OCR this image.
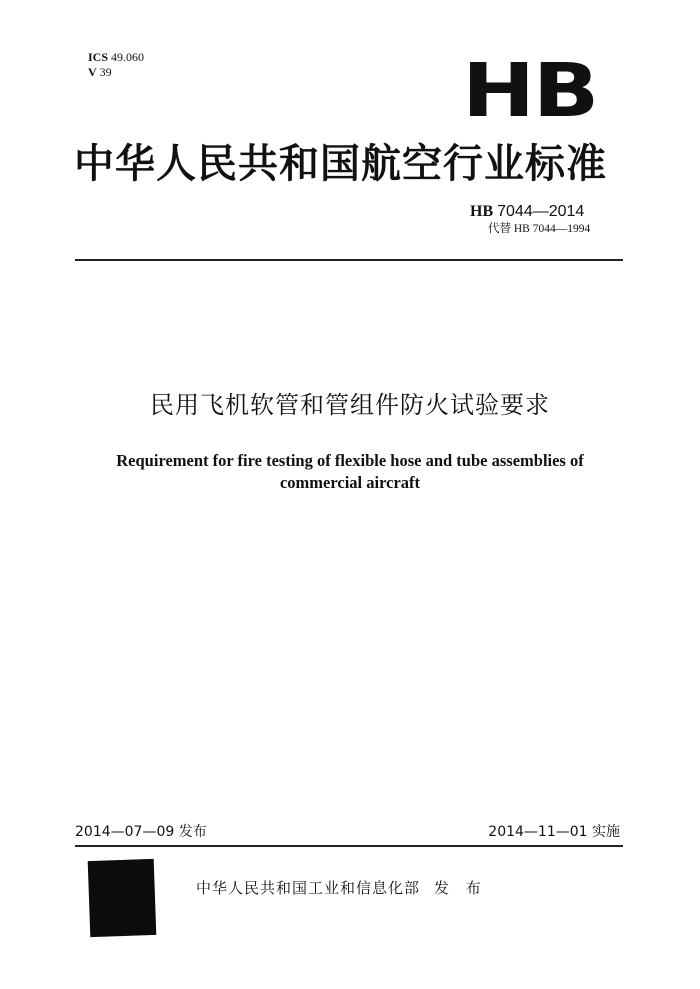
ICS 49.060
V 39	HB
中华人民共和国航空行业标准
HB 7044—2014
代替 HB 7044—1994
民用飞机软管和管组件防火试验要求
Requirement for fire testing of flexible hose and tube assemblies of
commercial aircraft
2014—07—09 发布	2014—11—01 实施
中华人民共和国工业和信息化部 发 布
